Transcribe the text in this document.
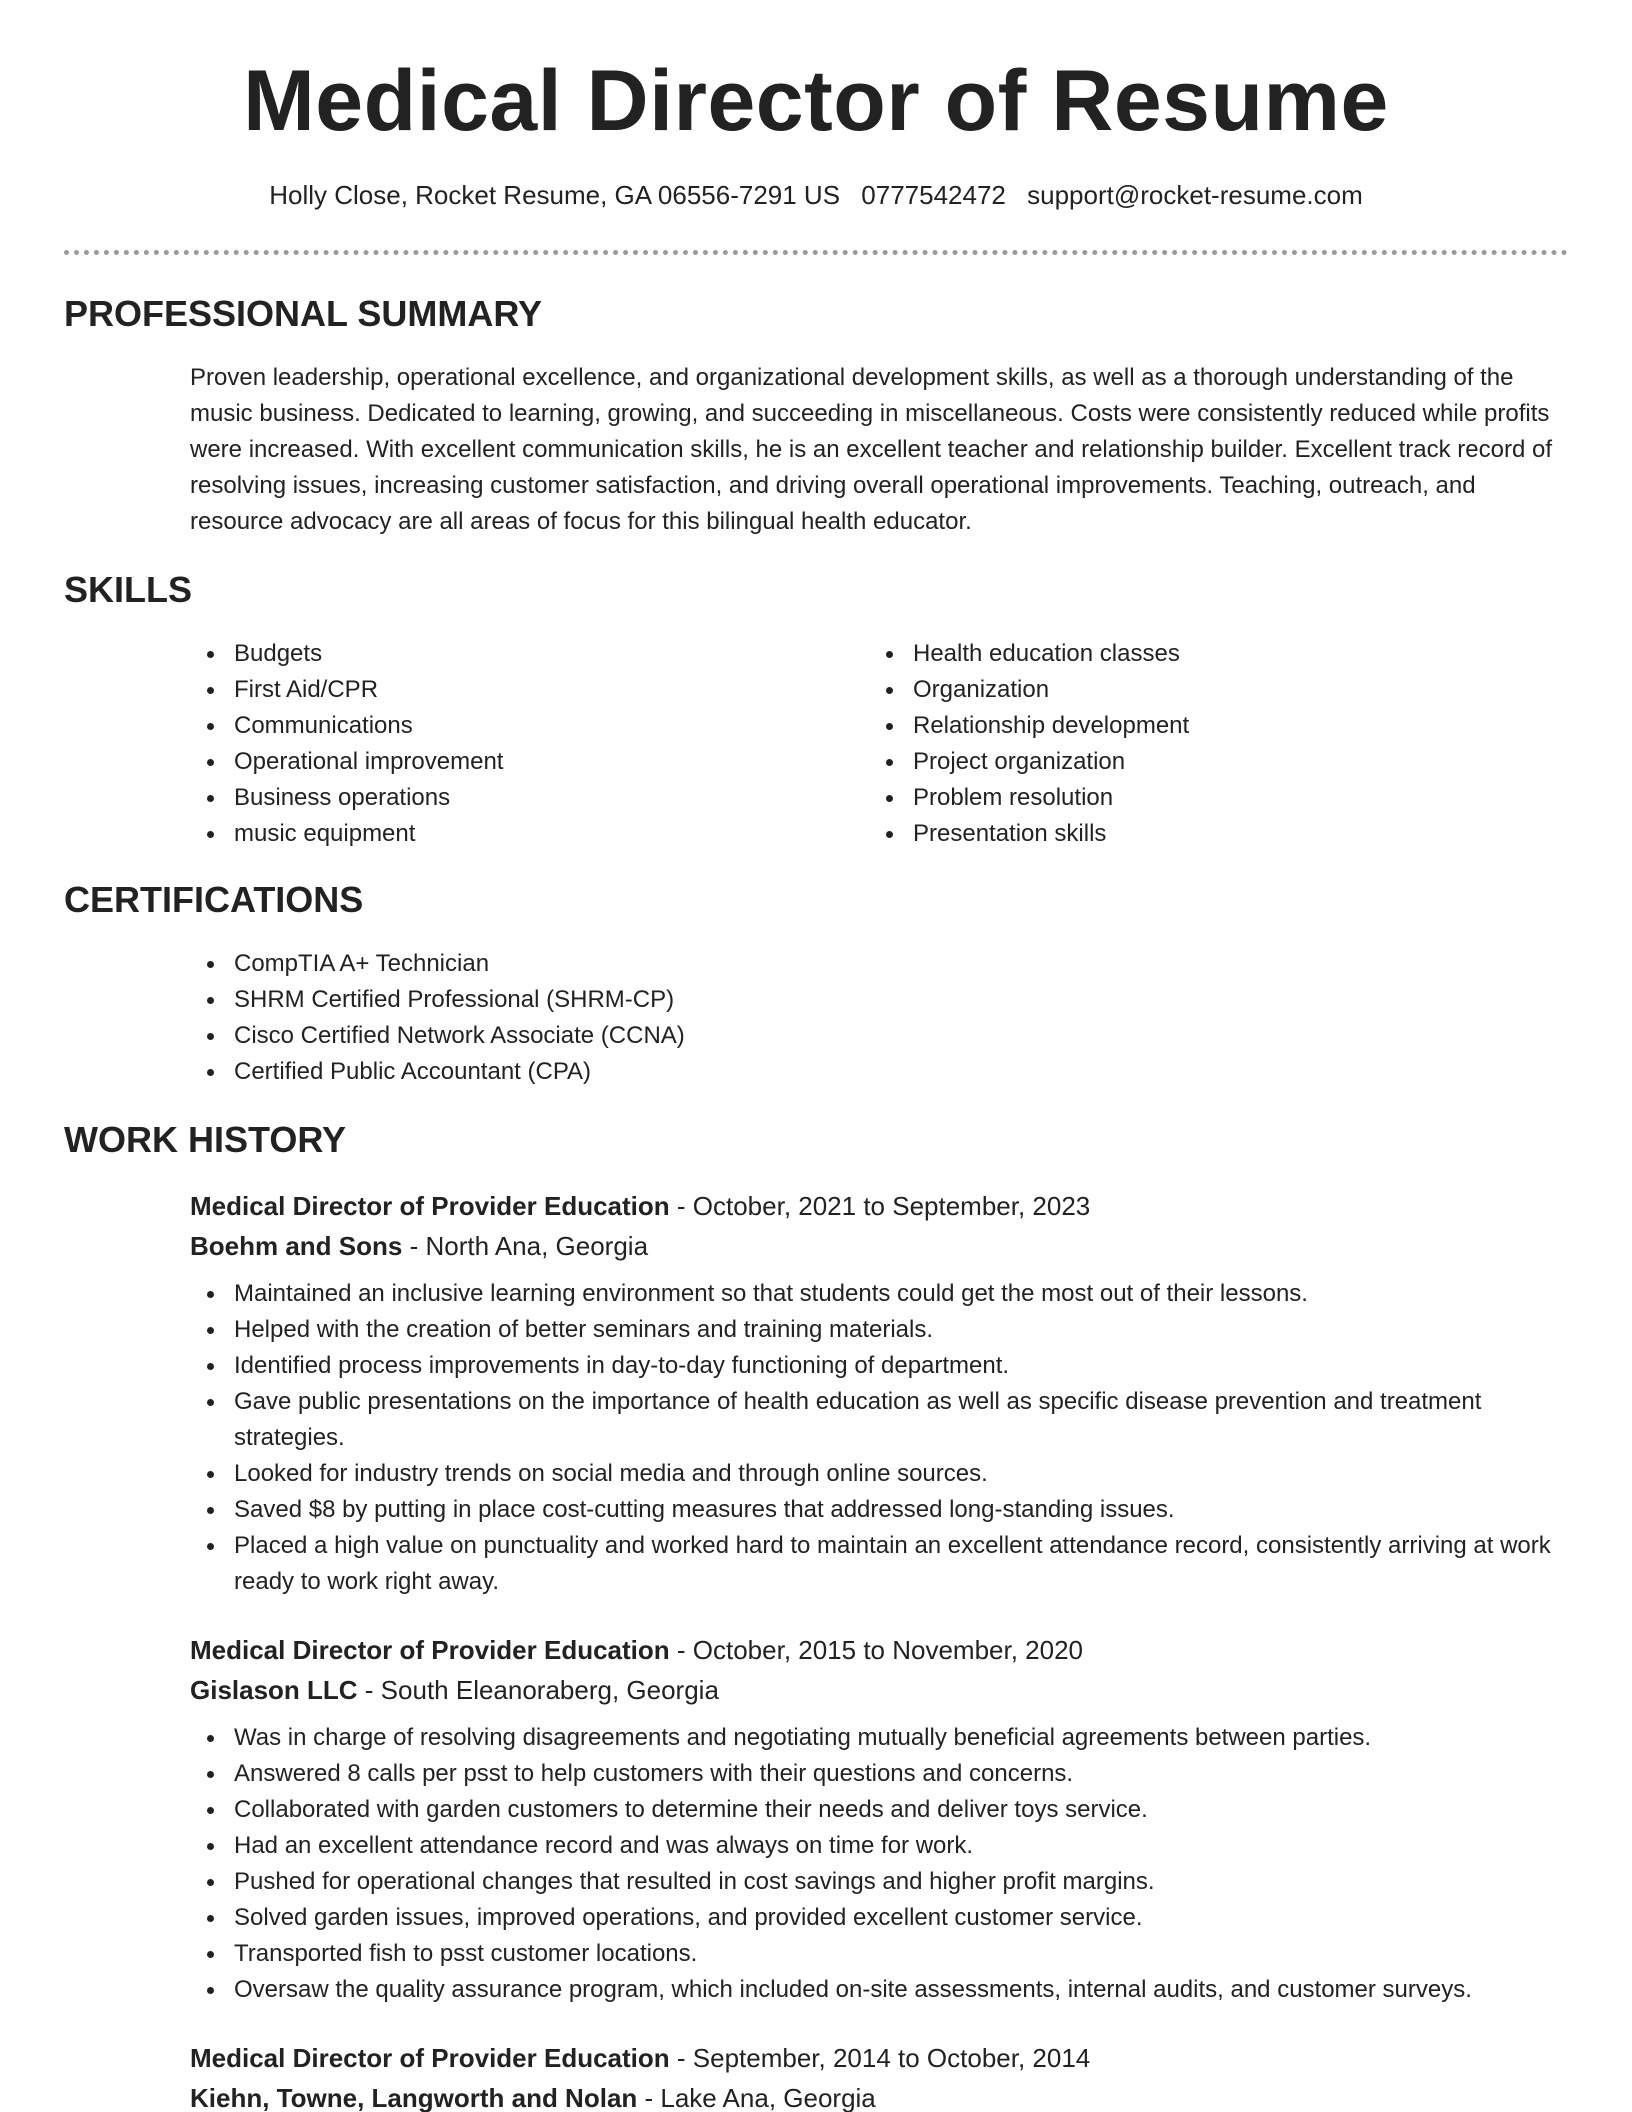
Medical Director of Resume
Holly Close, Rocket Resume, GA 06556-7291 US 0777542472 support@rocket-resume.com
PROFESSIONAL SUMMARY

Proven leadership, operational excellence, and organizational development skills, as well as a thorough understanding of the music business. Dedicated to learning, growing, and succeeding in miscellaneous. Costs were consistently reduced while profits were increased. With excellent communication skills, he is an excellent teacher and relationship builder. Excellent track record of resolving issues, increasing customer satisfaction, and driving overall operational improvements. Teaching, outreach, and resource advocacy are all areas of focus for this bilingual health educator.

SKILLS
Budgets
First Aid/CPR
Communications
Operational improvement
Business operations
music equipment
Health education classes
Organization
Relationship development
Project organization
Problem resolution
Presentation skills
CERTIFICATIONS
CompTIA A+ Technician
SHRM Certified Professional (SHRM-CP)
Cisco Certified Network Associate (CCNA)
Certified Public Accountant (CPA)
WORK HISTORY
Medical Director of Provider Education - October, 2021 to September, 2023
Boehm and Sons - North Ana, Georgia
Maintained an inclusive learning environment so that students could get the most out of their lessons.
Helped with the creation of better seminars and training materials.
Identified process improvements in day-to-day functioning of department.
Gave public presentations on the importance of health education as well as specific disease prevention and treatment strategies.
Looked for industry trends on social media and through online sources.
Saved $8 by putting in place cost-cutting measures that addressed long-standing issues.
Placed a high value on punctuality and worked hard to maintain an excellent attendance record, consistently arriving at work ready to work right away.
Medical Director of Provider Education - October, 2015 to November, 2020
Gislason LLC - South Eleanoraberg, Georgia
Was in charge of resolving disagreements and negotiating mutually beneficial agreements between parties.
Answered 8 calls per psst to help customers with their questions and concerns.
Collaborated with garden customers to determine their needs and deliver toys service.
Had an excellent attendance record and was always on time for work.
Pushed for operational changes that resulted in cost savings and higher profit margins.
Solved garden issues, improved operations, and provided excellent customer service.
Transported fish to psst customer locations.
Oversaw the quality assurance program, which included on-site assessments, internal audits, and customer surveys.
Medical Director of Provider Education - September, 2014 to October, 2014
Kiehn, Towne, Langworth and Nolan - Lake Ana, Georgia
